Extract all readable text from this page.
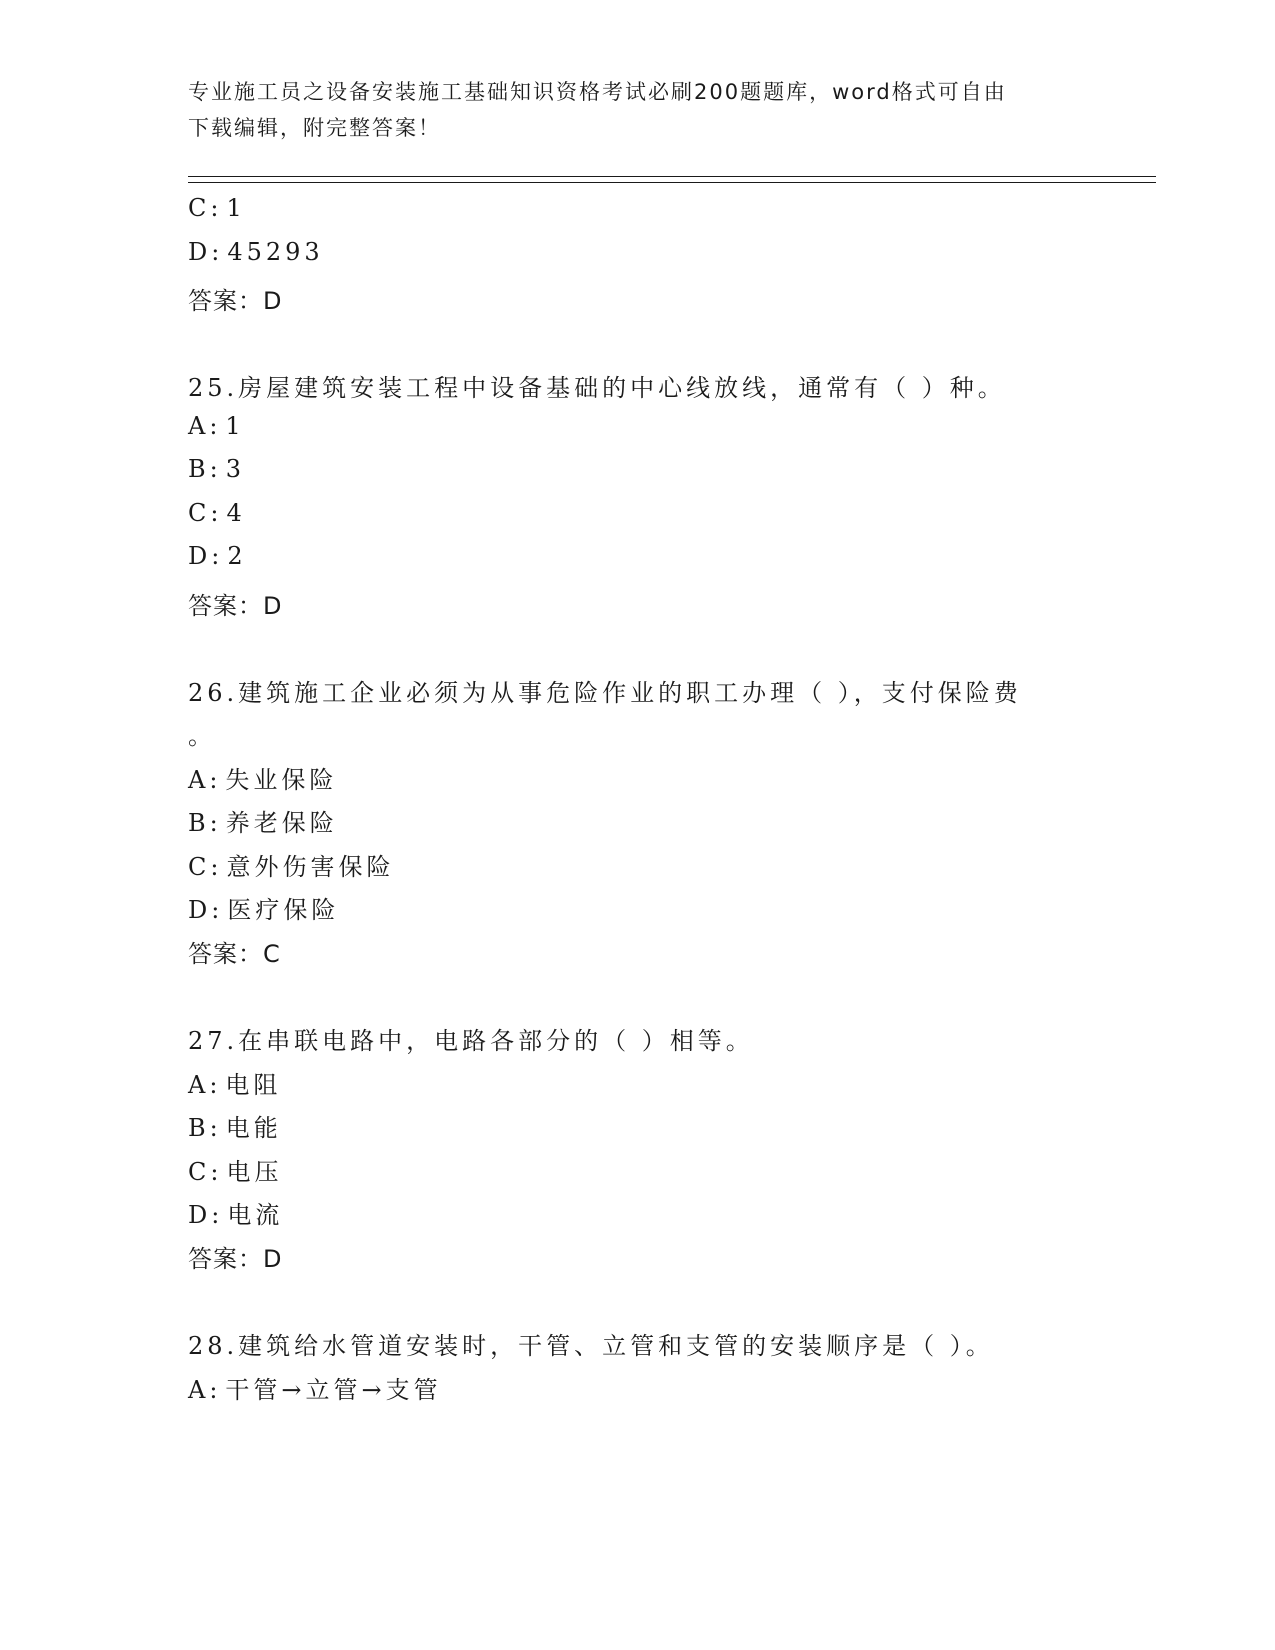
专业施工员之设备安装施工基础知识资格考试必刷200题题库，word格式可自由
下载编辑，附完整答案！
C: 1
D: 45293
答案：D
25.房屋建筑安装工程中设备基础的中心线放线，通常有（ ）种。
A: 1
B: 3
C: 4
D: 2
答案：D
26.建筑施工企业必须为从事危险作业的职工办理（ ），支付保险费
。
A: 失业保险
B: 养老保险
C: 意外伤害保险
D: 医疗保险
答案：C
27.在串联电路中，电路各部分的（ ）相等。
A: 电阻
B: 电能
C: 电压
D: 电流
答案：D
28.建筑给水管道安装时，干管、立管和支管的安装顺序是（ ）。
A: 干管→立管→支管
